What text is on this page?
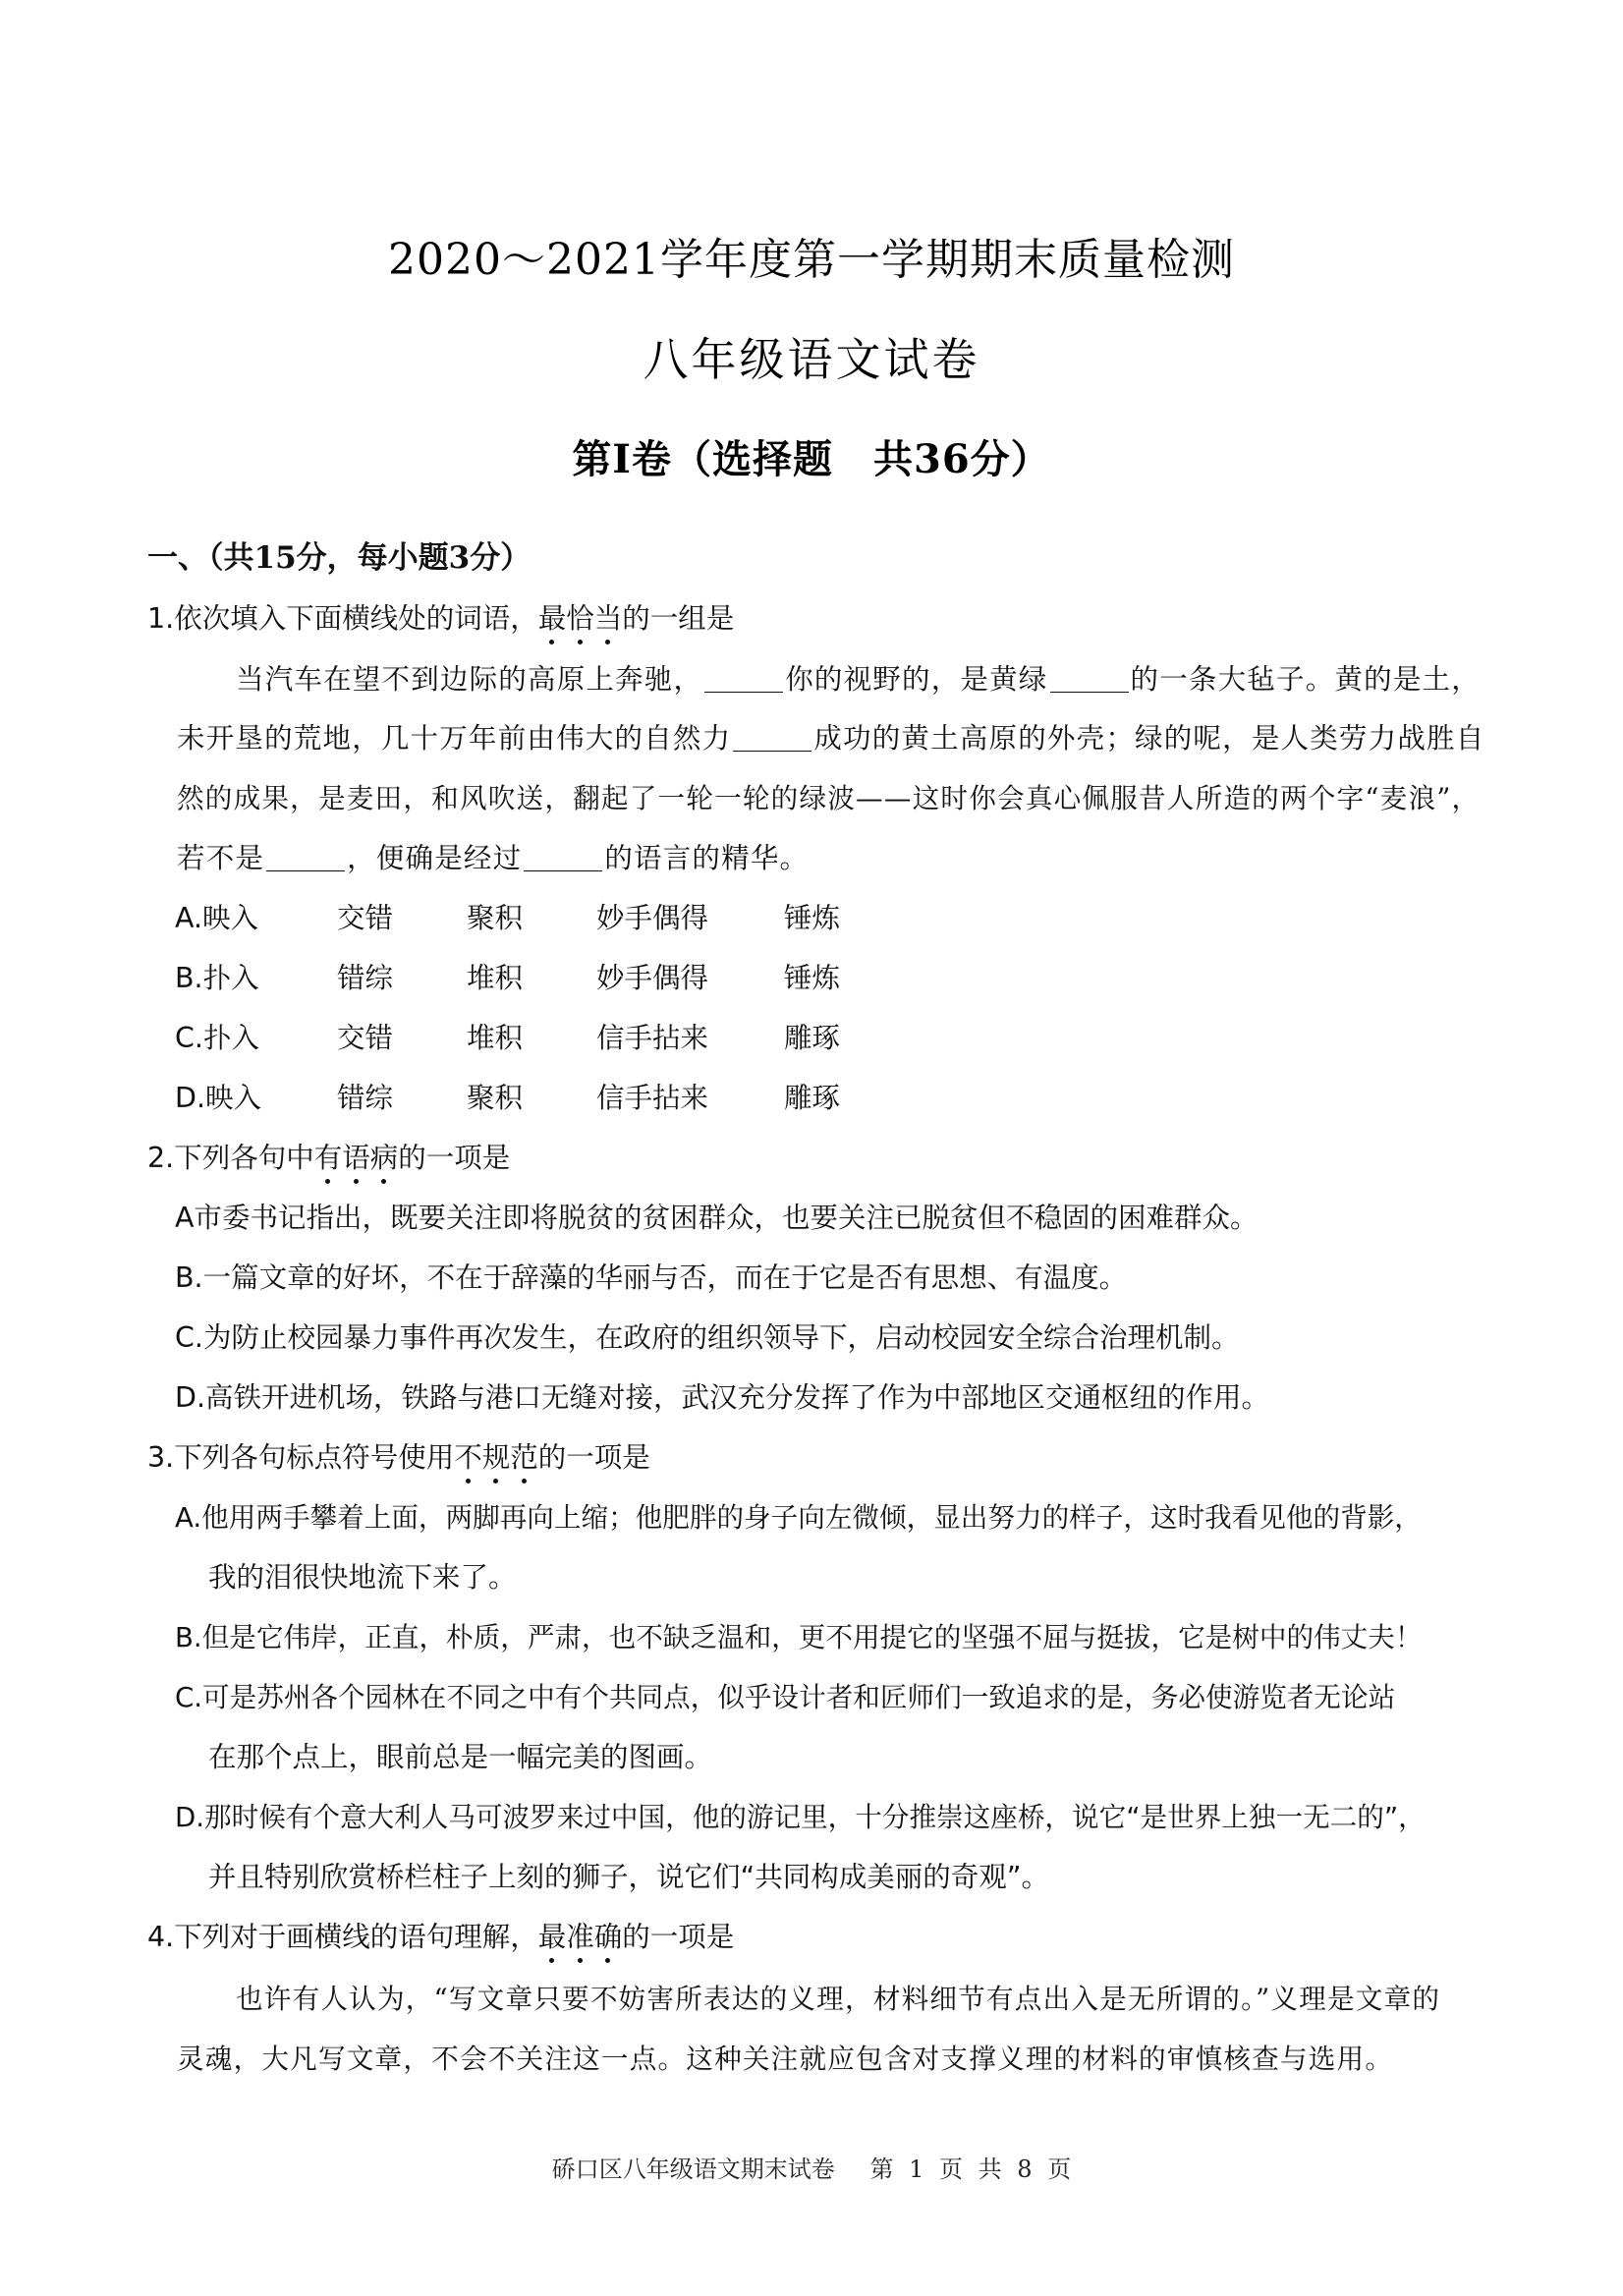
2020～2021学年度第一学期期末质量检测
八年级语文试卷
第Ⅰ卷（选择题　共36分）
一、（共15分，每小题3分）
1.依次填入下面横线处的词语，最恰当的一组是
当汽车在望不到边际的高原上奔驰，	你的视野的，是黄绿	的一条大毡子。黄的是土，
未开垦的荒地，几十万年前由伟大的自然力	成功的黄土高原的外壳；绿的呢，是人类劳力战胜自
然的成果，是麦田，和风吹送，翻起了一轮一轮的绿波——这时你会真心佩服昔人所造的两个字“麦浪”，
若不是	，便确是经过	的语言的精华。
A.映入	交错	聚积	妙手偶得	锤炼
B.扑入	错综	堆积	妙手偶得	锤炼
C.扑入	交错	堆积	信手拈来	雕琢
D.映入	错综	聚积	信手拈来	雕琢
2.下列各句中有语病的一项是
A市委书记指出，既要关注即将脱贫的贫困群众，也要关注已脱贫但不稳固的困难群众。
B.一篇文章的好坏，不在于辞藻的华丽与否，而在于它是否有思想、有温度。
C.为防止校园暴力事件再次发生，在政府的组织领导下，启动校园安全综合治理机制。
D.高铁开进机场，铁路与港口无缝对接，武汉充分发挥了作为中部地区交通枢纽的作用。
3.下列各句标点符号使用不规范的一项是
A.他用两手攀着上面，两脚再向上缩；他肥胖的身子向左微倾，显出努力的样子，这时我看见他的背影，
我的泪很快地流下来了。
B.但是它伟岸，正直，朴质，严肃，也不缺乏温和，更不用提它的坚强不屈与挺拔，它是树中的伟丈夫！
C.可是苏州各个园林在不同之中有个共同点，似乎设计者和匠师们一致追求的是，务必使游览者无论站
在那个点上，眼前总是一幅完美的图画。
D.那时候有个意大利人马可波罗来过中国，他的游记里，十分推崇这座桥，说它“是世界上独一无二的”，
并且特别欣赏桥栏柱子上刻的狮子，说它们“共同构成美丽的奇观”。
4.下列对于画横线的语句理解，最准确的一项是
也许有人认为，“写文章只要不妨害所表达的义理，材料细节有点出入是无所谓的。”义理是文章的
灵魂，大凡写文章，不会不关注这一点。这种关注就应包含对支撑义理的材料的审慎核查与选用。
硚口区八年级语文期末试卷 第 1 页 共 8 页
